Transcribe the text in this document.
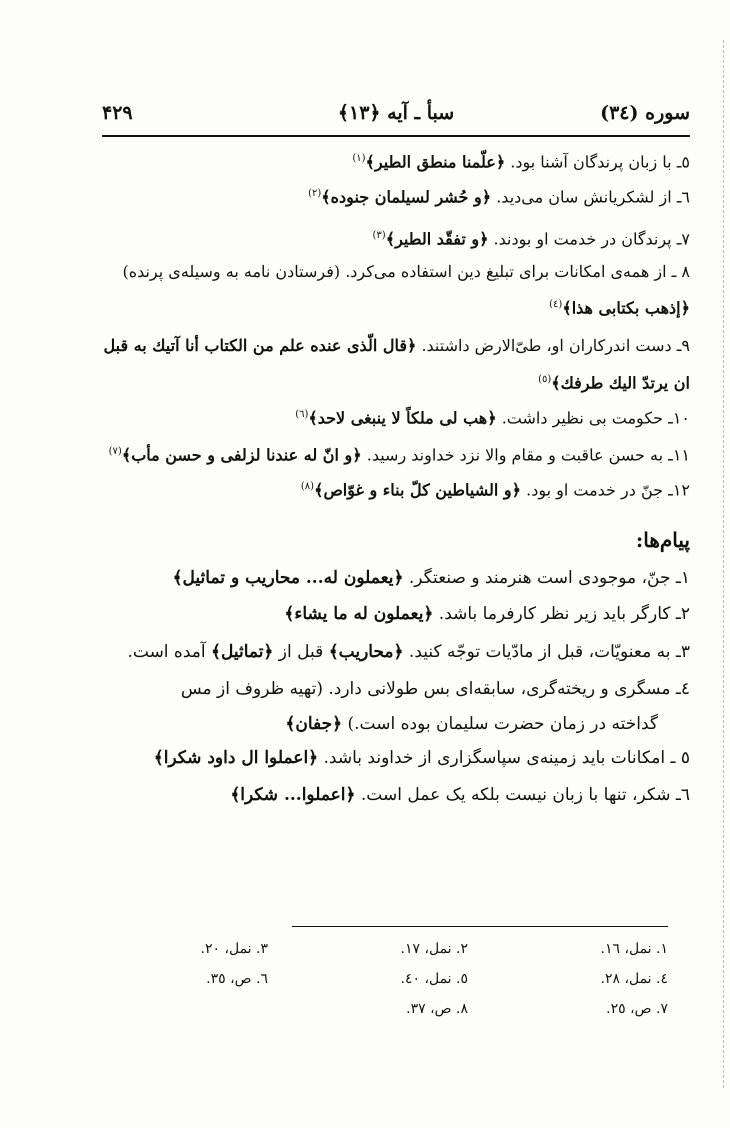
۴۲۹	سبأ ـ آيه ﴿۱۳﴾	سوره (٣٤)
٥ـ با زبان پرندگان آشنا بود. ﴿علّمنا منطق الطير﴾$^{(١)}$
٦ـ از لشكريانش سان مى‌ديد. ﴿و حُشر لسيلمان جنوده﴾$^{(٢)}$
٧ـ پرندگان در خدمت او بودند. ﴿و تفقّد الطير﴾$^{(٣)}$
٨ ـ از همه‌ى امكانات براى تبليغ دين استفاده مى‌كرد. (فرستادن نامه به وسيله‌ى پرنده)
﴿إذهب بكتابى هذا﴾$^{(٤)}$
٩ـ دست اندركاران او، طىّ‌الارض داشتند. ﴿قال الّذى عنده علم من الكتاب أنا آتيك به قبل
ان يرتدّ اليك طرفك﴾$^{(٥)}$
١٠ـ حكومت بى نظير داشت. ﴿هب لى ملكاً لا ينبغى لاحد﴾$^{(٦)}$
١١ـ به حسن عاقبت و مقام والا نزد خداوند رسيد. ﴿و انّ له عندنا لزلفى و حسن مأب﴾$^{(٧)}$
١٢ـ جنّ در خدمت او بود. ﴿و الشياطين كلّ بناء و غوّاص﴾$^{(٨)}$
پيام‌ها:
١ـ جنّ، موجودى است هنرمند و صنعتگر. ﴿يعملون له... محاريب و تماثيل﴾
٢ـ كارگر بايد زير نظر كارفرما باشد. ﴿يعملون له ما يشاء﴾
٣ـ به معنويّات، قبل از مادّيات توجّه كنيد. ﴿محاريب﴾ قبل از ﴿تماثيل﴾ آمده است.
٤ـ مسگرى و ريخته‌گرى، سابقه‌اى بس طولانى دارد. (تهيه ظروف از مس
گداخته در زمان حضرت سليمان بوده است.) ﴿جفان﴾
٥ ـ امكانات بايد زمينه‌ى سپاسگزارى از خداوند باشد. ﴿اعملوا ال داود شكرا﴾
٦ـ شكر، تنها با زبان نيست بلكه يک عمل است. ﴿اعملوا... شكرا﴾
١. نمل، ١٦.
٢. نمل، ١٧.
٣. نمل، ٢٠.
٤. نمل، ٢٨.
٥. نمل، ٤٠.
٦. ص، ٣٥.
٧. ص، ٢٥.
٨. ص، ٣٧.
